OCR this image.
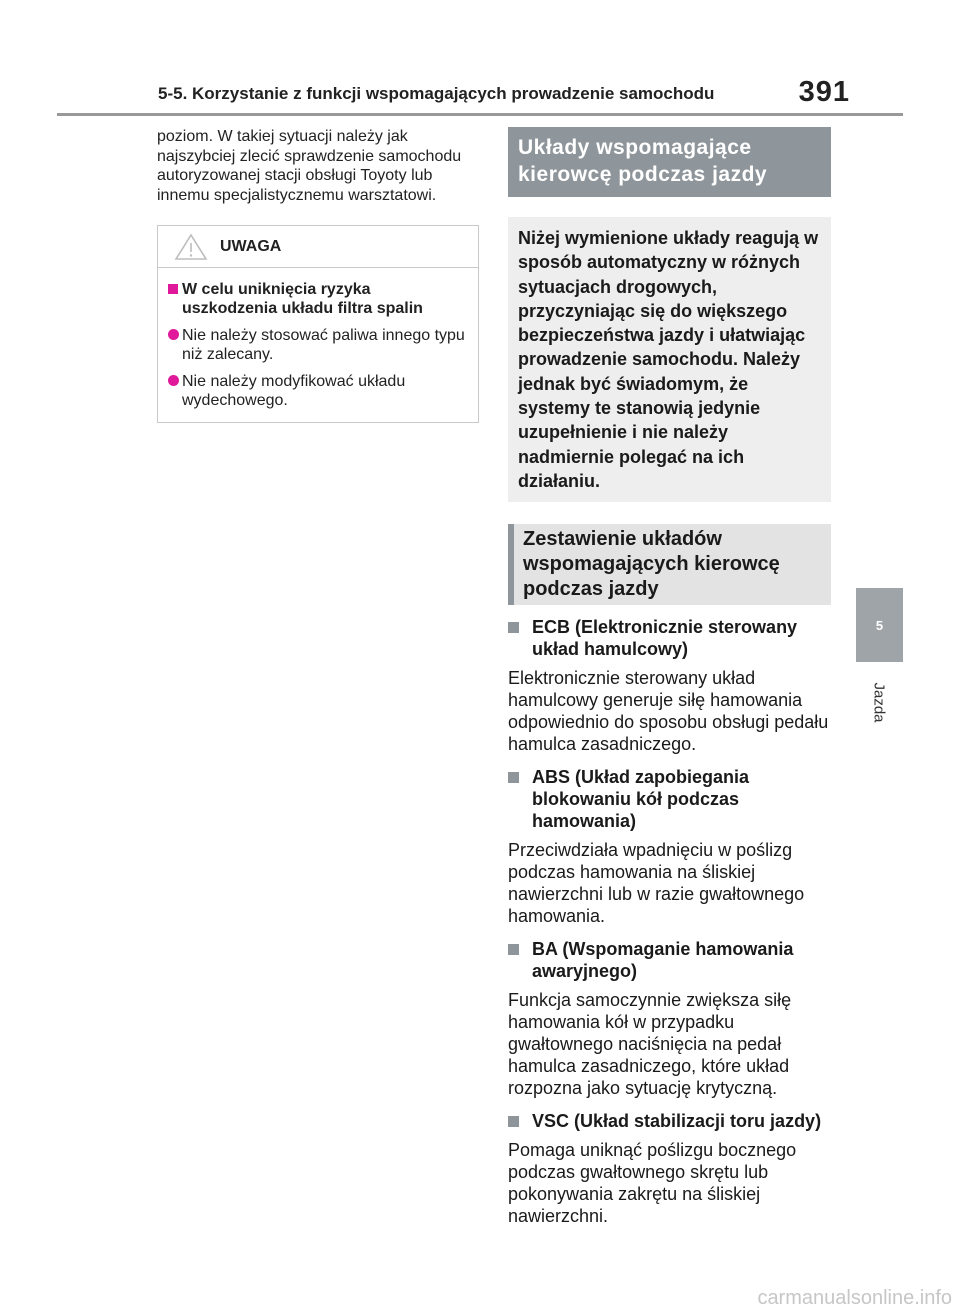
5-5. Korzystanie z funkcji wspomagających prowadzenie samochodu	391
5
Jazda

poziom. W takiej sytuacji należy jak najszybciej zlecić sprawdzenie samochodu autoryzowanej stacji obsługi Toyoty lub innemu specjalistycznemu warsztatowi.

UWAGA
W celu uniknięcia ryzyka uszkodzenia układu filtra spalin
Nie należy stosować paliwa innego typu niż zalecany.
Nie należy modyfikować układu wydechowego.
Układy wspomagające kierowcę podczas jazdy
Niżej wymienione układy reagują w sposób automatyczny w różnych sytuacjach drogowych, przyczyniając się do większego bezpieczeństwa jazdy i ułatwiając prowadzenie samochodu. Należy jednak być świadomym, że systemy te stanowią jedynie uzupełnienie i nie należy nadmiernie polegać na ich działaniu.
Zestawienie układów wspomagających kierowcę podczas jazdy
ECB (Elektronicznie sterowany układ hamulcowy)

Elektronicznie sterowany układ hamulcowy generuje siłę hamowania odpowiednio do sposobu obsługi pedału hamulca zasadniczego.

ABS (Układ zapobiegania blokowaniu kół podczas hamowania)

Przeciwdziała wpadnięciu w poślizg podczas hamowania na śliskiej nawierzchni lub w razie gwałtownego hamowania.

BA (Wspomaganie hamowania awaryjnego)

Funkcja samoczynnie zwiększa siłę hamowania kół w przypadku gwałtownego naciśnięcia na pedał hamulca zasadniczego, które układ rozpozna jako sytuację krytyczną.

VSC (Układ stabilizacji toru jazdy)

Pomaga uniknąć poślizgu bocznego podczas gwałtownego skrętu lub pokonywania zakrętu na śliskiej nawierzchni.

carmanualsonline.info
